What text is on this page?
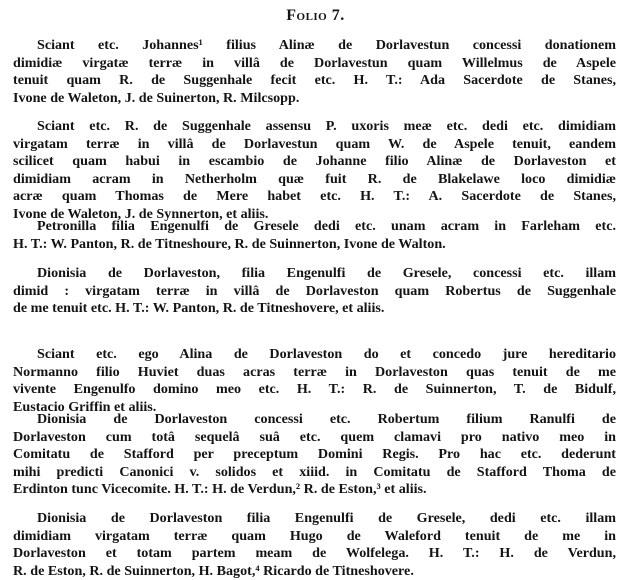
Folio 7.
Sciant etc. Johannes¹ filius Alinæ de Dorlavestun concessi donationem
dimidiæ virgatæ terræ in villâ de Dorlavestun quam Willelmus de Aspele
tenuit quam R. de Suggenhale fecit etc. H. T.: Ada Sacerdote de Stanes,
Ivone de Waleton, J. de Suinerton, R. Milcsopp.
Sciant etc. R. de Suggenhale assensu P. uxoris meæ etc. dedi etc. dimidiam
virgatam terræ in villâ de Dorlavestun quam W. de Aspele tenuit, eandem
scilicet quam habui in escambio de Johanne filio Alinæ de Dorlaveston et
dimidiam acram in Netherholm quæ fuit R. de Blakelawe loco dimidiæ
acræ quam Thomas de Mere habet etc. H. T.: A. Sacerdote de Stanes,
Ivone de Waleton, J. de Synnerton, et aliis.
Petronilla filia Engenulfi de Gresele dedi etc. unam acram in Farleham etc.
H. T.: W. Panton, R. de Titneshoure, R. de Suinnerton, Ivone de Walton.
Dionisia de Dorlaveston, filia Engenulfi de Gresele, concessi etc. illam
dimid : virgatam terræ in villâ de Dorlaveston quam Robertus de Suggenhale
de me tenuit etc. H. T.: W. Panton, R. de Titneshovere, et aliis.
Sciant etc. ego Alina de Dorlaveston do et concedo jure hereditario
Normanno filio Huviet duas acras terræ in Dorlaveston quas tenuit de me
vivente Engenulfo domino meo etc. H. T.: R. de Suinnerton, T. de Bidulf,
Eustacio Griffin et aliis.
Dionisia de Dorlaveston concessi etc. Robertum filium Ranulfi de
Dorlaveston cum totâ sequelâ suâ etc. quem clamavi pro nativo meo in
Comitatu de Stafford per preceptum Domini Regis. Pro hac etc. dederunt
mihi predicti Canonici v. solidos et xiiid. in Comitatu de Stafford Thoma de
Erdinton tunc Vicecomite. H. T.: H. de Verdun,² R. de Eston,³ et aliis.
Dionisia de Dorlaveston filia Engenulfi de Gresele, dedi etc. illam
dimidiam virgatam terræ quam Hugo de Waleford tenuit de me in
Dorlaveston et totam partem meam de Wolfelega. H. T.: H. de Verdun,
R. de Eston, R. de Suinnerton, H. Bagot,⁴ Ricardo de Titneshovere.
